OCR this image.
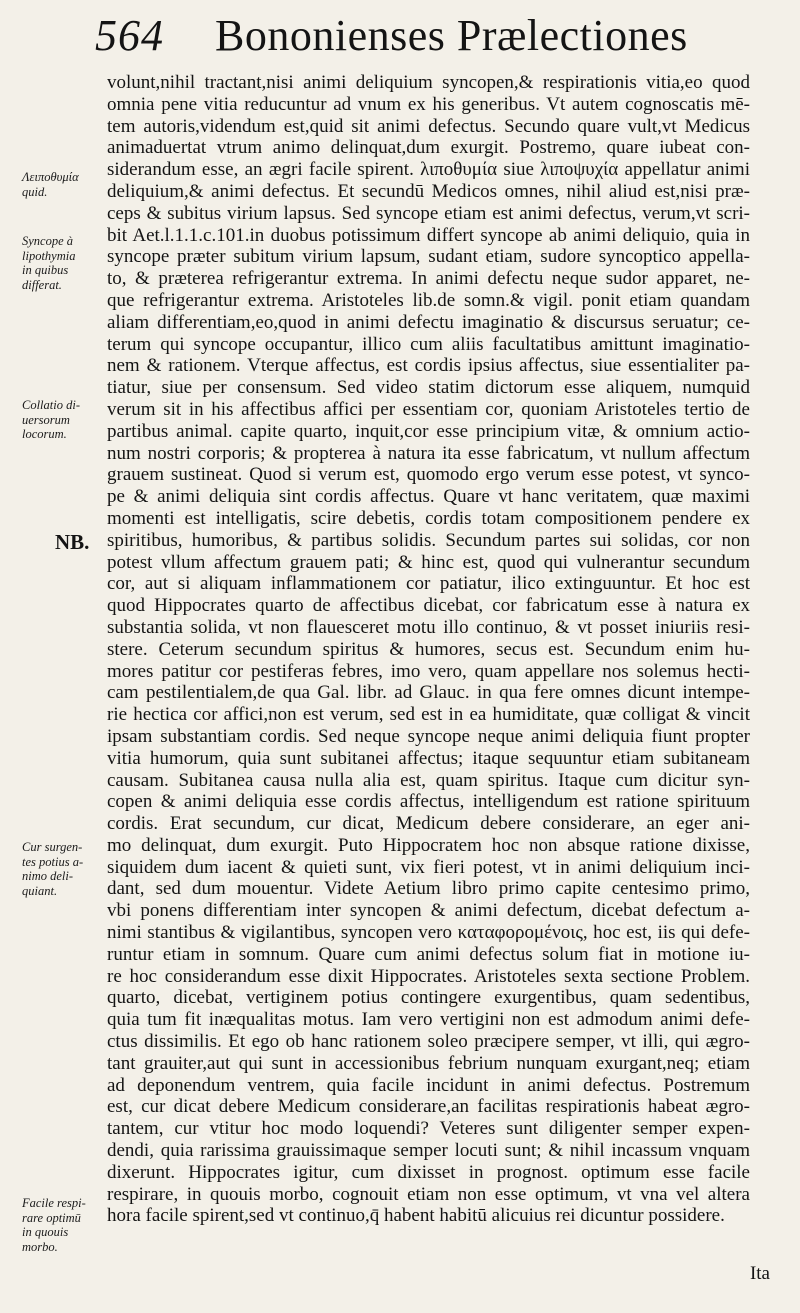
564 Bononienses Prælectiones
volunt,nihil tractant,nisi animi deliquium syncopen,& respirationis vitia,eo quod
omnia pene vitia reducuntur ad vnum ex his generibus. Vt autem cognoscatis mē-
tem autoris,videndum est,quid sit animi defectus. Secundo quare vult,vt Medicus
animaduertat vtrum animo delinquat,dum exurgit. Postremo, quare iubeat con-
siderandum esse, an ægri facile spirent. λιποθυμία siue λιποψυχία appellatur animi
deliquium,& animi defectus. Et secundū Medicos omnes, nihil aliud est,nisi præ-
ceps & subitus virium lapsus. Sed syncope etiam est animi defectus, verum,vt scri-
bit Aet.l.1.1.c.101.in duobus potissimum differt syncope ab animi deliquio, quia in
syncope præter subitum virium lapsum, sudant etiam, sudore syncoptico appella-
to, & præterea refrigerantur extrema. In animi defectu neque sudor apparet, ne-
que refrigerantur extrema. Aristoteles lib.de somn.& vigil. ponit etiam quandam
aliam differentiam,eo,quod in animi defectu imaginatio & discursus seruatur; ce-
terum qui syncope occupantur, illico cum aliis facultatibus amittunt imaginatio-
nem & rationem. Vterque affectus, est cordis ipsius affectus, siue essentialiter pa-
tiatur, siue per consensum. Sed video statim dictorum esse aliquem, numquid
verum sit in his affectibus affici per essentiam cor, quoniam Aristoteles tertio de
partibus animal. capite quarto, inquit,cor esse principium vitæ, & omnium actio-
num nostri corporis; & propterea à natura ita esse fabricatum, vt nullum affectum
grauem sustineat. Quod si verum est, quomodo ergo verum esse potest, vt synco-
pe & animi deliquia sint cordis affectus. Quare vt hanc veritatem, quæ maximi
momenti est intelligatis, scire debetis, cordis totam compositionem pendere ex
spiritibus, humoribus, & partibus solidis. Secundum partes sui solidas, cor non
potest vllum affectum grauem pati; & hinc est, quod qui vulnerantur secundum
cor, aut si aliquam inflammationem cor patiatur, ilico extinguuntur. Et hoc est
quod Hippocrates quarto de affectibus dicebat, cor fabricatum esse à natura ex
substantia solida, vt non flauesceret motu illo continuo, & vt posset iniuriis resi-
stere. Ceterum secundum spiritus & humores, secus est. Secundum enim hu-
mores patitur cor pestiferas febres, imo vero, quam appellare nos solemus hecti-
cam pestilentialem,de qua Gal. libr. ad Glauc. in qua fere omnes dicunt intempe-
rie hectica cor affici,non est verum, sed est in ea humiditate, quæ colligat & vincit
ipsam substantiam cordis. Sed neque syncope neque animi deliquia fiunt propter
vitia humorum, quia sunt subitanei affectus; itaque sequuntur etiam subitaneam
causam. Subitanea causa nulla alia est, quam spiritus. Itaque cum dicitur syn-
copen & animi deliquia esse cordis affectus, intelligendum est ratione spirituum
cordis. Erat secundum, cur dicat, Medicum debere considerare, an eger ani-
mo delinquat, dum exurgit. Puto Hippocratem hoc non absque ratione dixisse,
siquidem dum iacent & quieti sunt, vix fieri potest, vt in animi deliquium inci-
dant, sed dum mouentur. Videte Aetium libro primo capite centesimo primo,
vbi ponens differentiam inter syncopen & animi defectum, dicebat defectum a-
nimi stantibus & vigilantibus, syncopen vero καταφορομένοις, hoc est, iis qui defe-
runtur etiam in somnum. Quare cum animi defectus solum fiat in motione iu-
re hoc considerandum esse dixit Hippocrates. Aristoteles sexta sectione Problem.
quarto, dicebat, vertiginem potius contingere exurgentibus, quam sedentibus,
quia tum fit inæqualitas motus. Iam vero vertigini non est admodum animi defe-
ctus dissimilis. Et ego ob hanc rationem soleo præcipere semper, vt illi, qui ægro-
tant grauiter,aut qui sunt in accessionibus febrium nunquam exurgant,neq; etiam
ad deponendum ventrem, quia facile incidunt in animi defectus. Postremum
est, cur dicat debere Medicum considerare,an facilitas respirationis habeat ægro-
tantem, cur vtitur hoc modo loquendi? Veteres sunt diligenter semper expen-
dendi, quia rarissima grauissimaque semper locuti sunt; & nihil incassum vnquam
dixerunt. Hippocrates igitur, cum dixisset in prognost. optimum esse facile
respirare, in quouis morbo, cognouit etiam non esse optimum, vt vna vel altera
hora facile spirent,sed vt continuo,q̄ habent habitū alicuius rei dicuntur possidere.
Λειποθυμία
quid.
Syncope à
lipothymia
in quibus
differat.
Collatio di-
uersorum
locorum.
NB.
Cur surgen-
tes potius a-
nimo deli-
quiant.
Facile respi-
rare optimū
in quouis
morbo.
Ita
